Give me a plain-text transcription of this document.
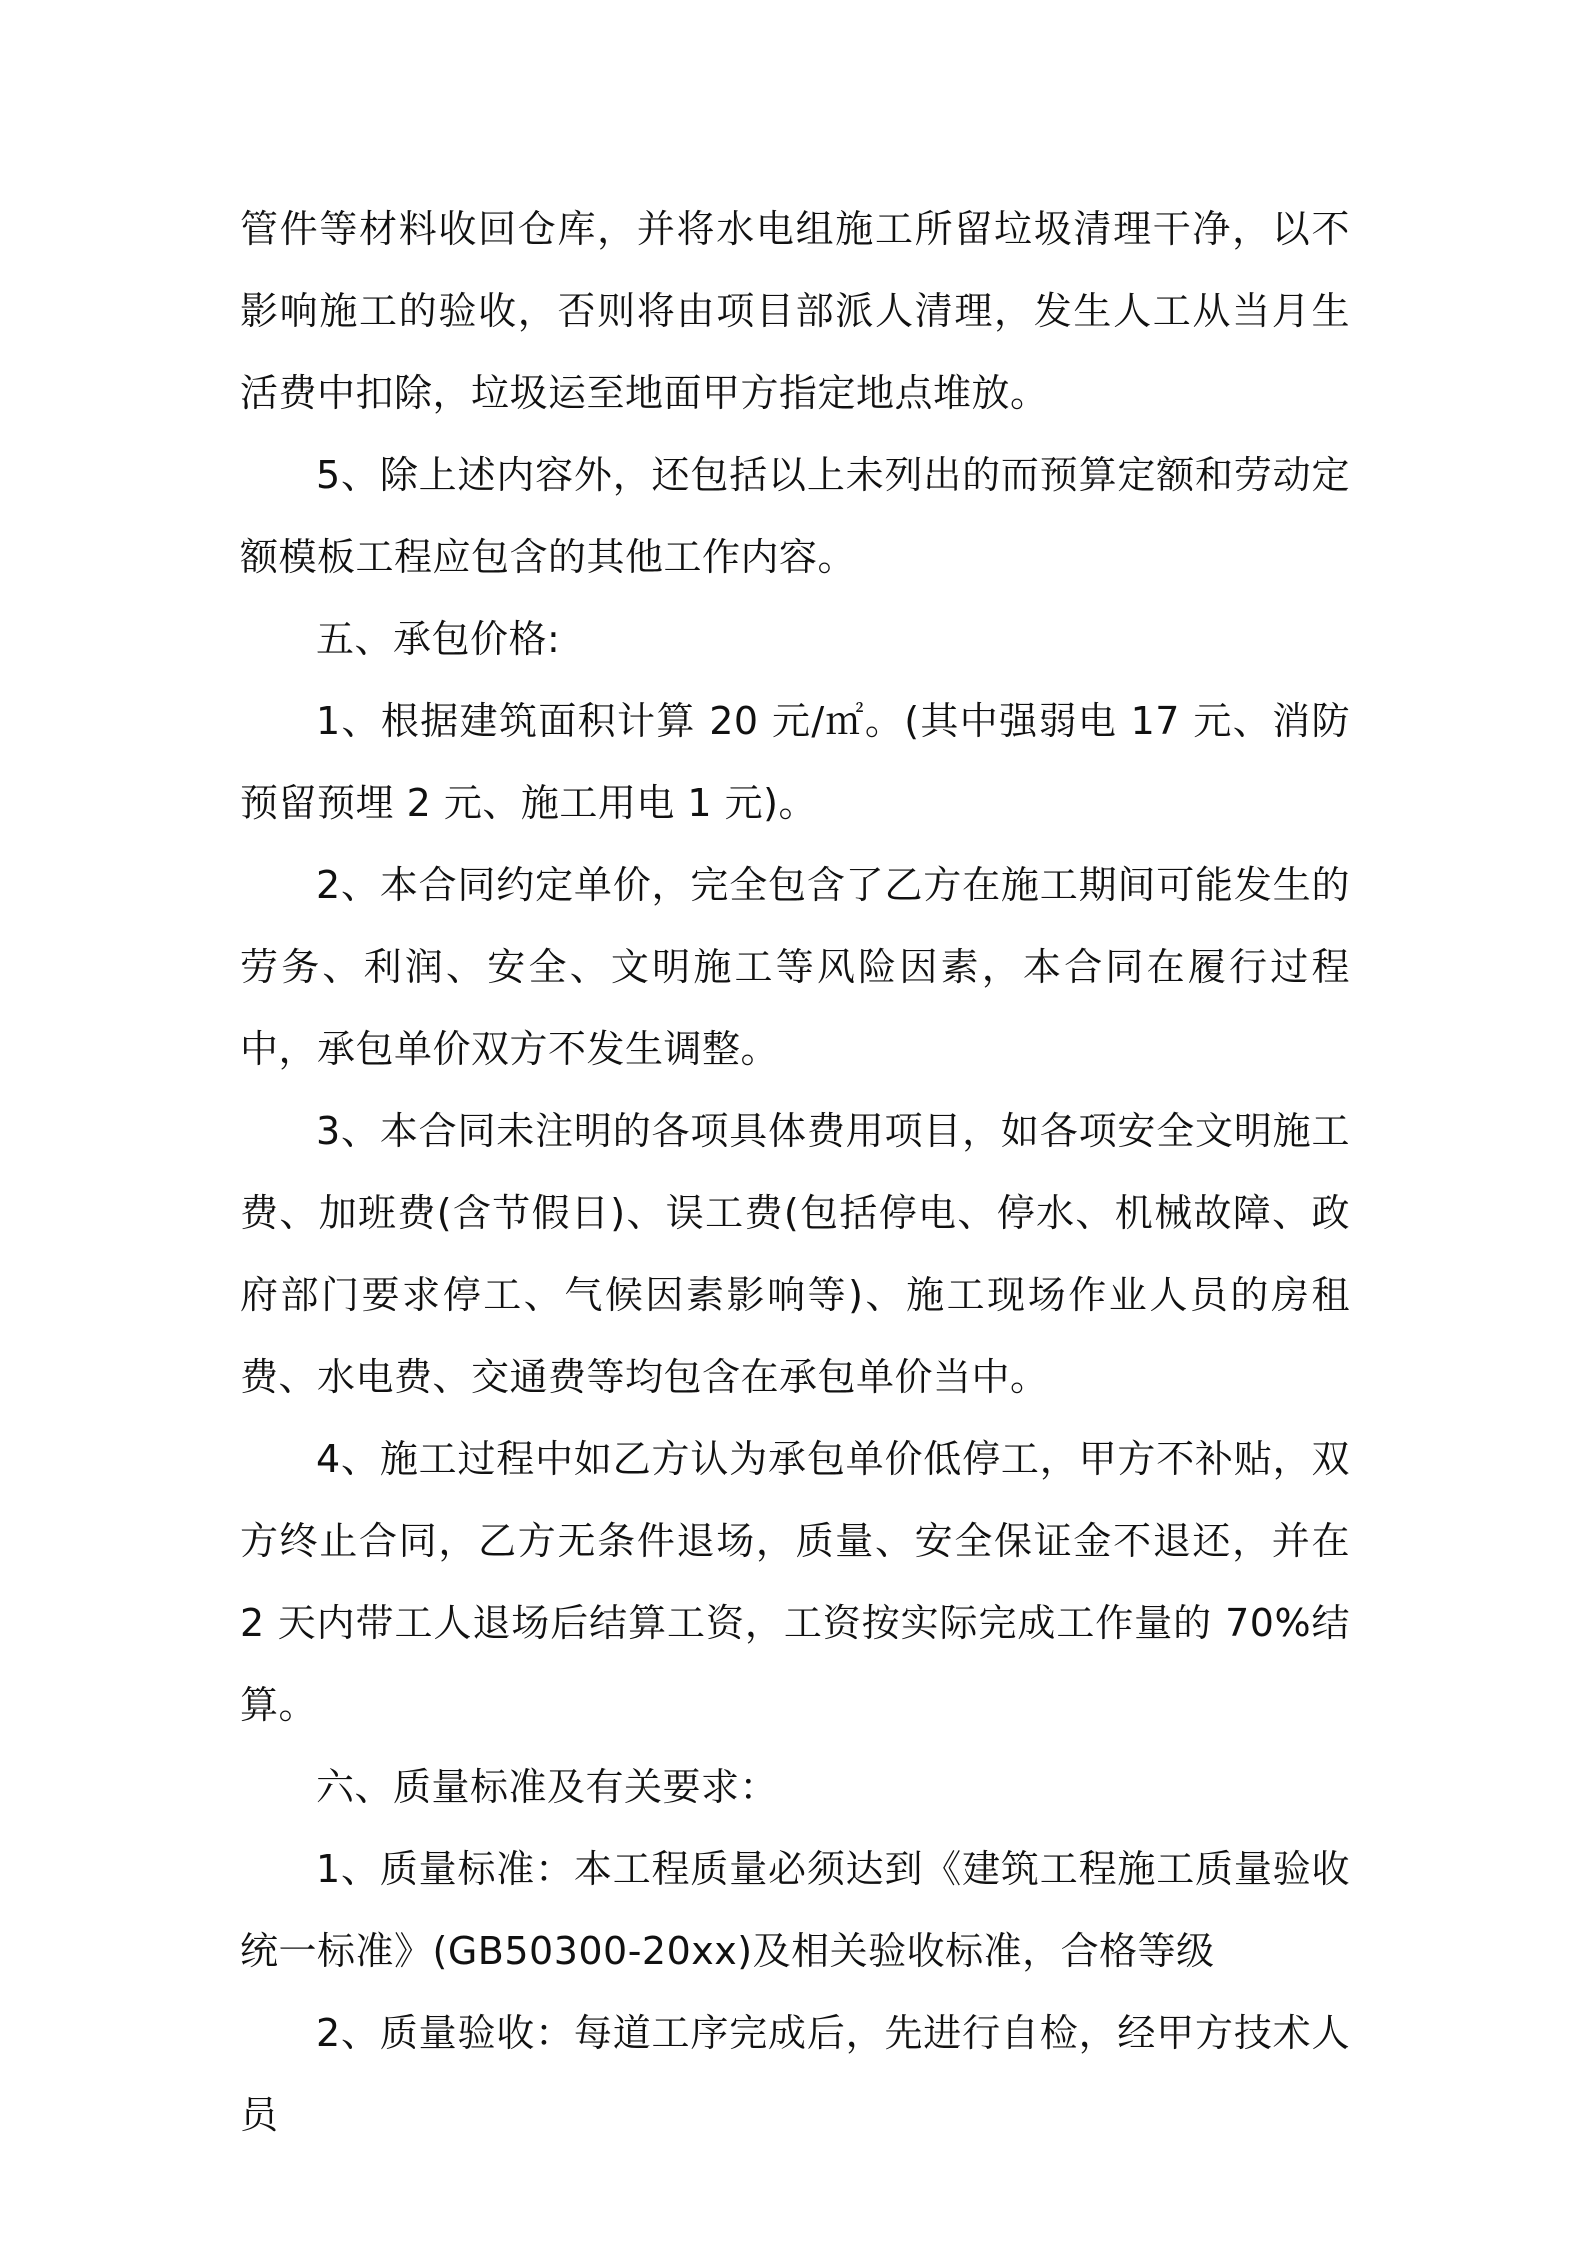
管件等材料收回仓库，并将水电组施工所留垃圾清理干净，以不影响施工的验收，否则将由项目部派人清理，发生人工从当月生活费中扣除，垃圾运至地面甲方指定地点堆放。

5、除上述内容外，还包括以上未列出的而预算定额和劳动定额模板工程应包含的其他工作内容。

五、承包价格:

1、根据建筑面积计算 20 元/㎡。(其中强弱电 17 元、消防预留预埋 2 元、施工用电 1 元)。

2、本合同约定单价，完全包含了乙方在施工期间可能发生的劳务、利润、安全、文明施工等风险因素，本合同在履行过程中，承包单价双方不发生调整。

3、本合同未注明的各项具体费用项目，如各项安全文明施工费、加班费(含节假日)、误工费(包括停电、停水、机械故障、政府部门要求停工、气候因素影响等)、施工现场作业人员的房租费、水电费、交通费等均包含在承包单价当中。

4、施工过程中如乙方认为承包单价低停工，甲方不补贴，双方终止合同，乙方无条件退场，质量、安全保证金不退还，并在 2 天内带工人退场后结算工资，工资按实际完成工作量的 70%结算。

六、质量标准及有关要求：

1、质量标准：本工程质量必须达到《建筑工程施工质量验收统一标准》(GB50300-20xx)及相关验收标准，合格等级

2、质量验收：每道工序完成后，先进行自检，经甲方技术人员
